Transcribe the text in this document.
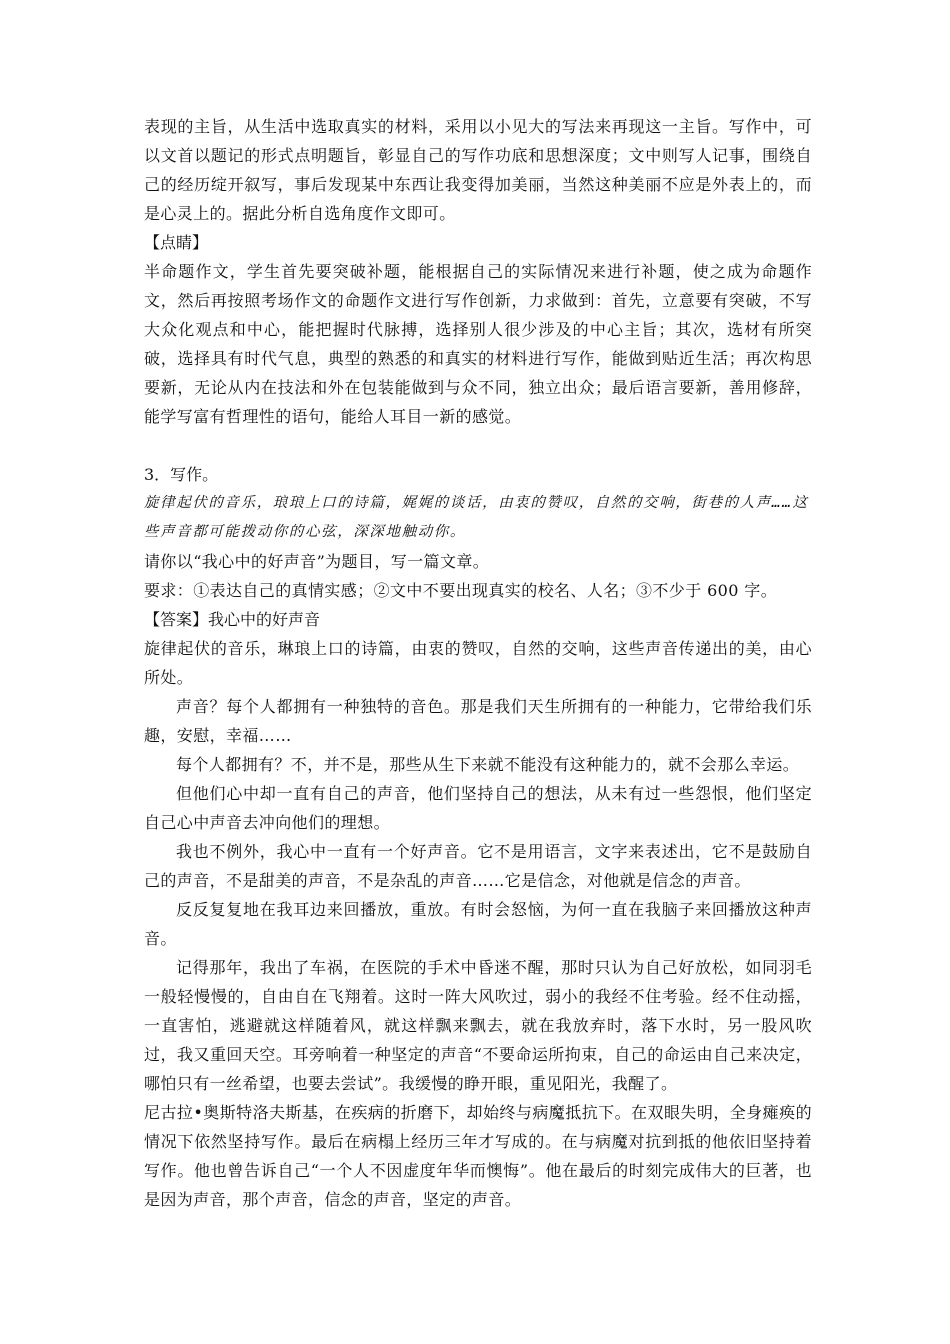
表现的主旨，从生活中选取真实的材料，采用以小见大的写法来再现这一主旨。写作中，可以文首以题记的形式点明题旨，彰显自己的写作功底和思想深度；文中则写人记事，围绕自己的经历绽开叙写，事后发现某中东西让我变得加美丽，当然这种美丽不应是外表上的，而是心灵上的。据此分析自选角度作文即可。

【点睛】

半命题作文，学生首先要突破补题，能根据自己的实际情况来进行补题，使之成为命题作文，然后再按照考场作文的命题作文进行写作创新，力求做到：首先，立意要有突破，不写大众化观点和中心，能把握时代脉搏，选择别人很少涉及的中心主旨；其次，选材有所突破，选择具有时代气息，典型的熟悉的和真实的材料进行写作，能做到贴近生活；再次构思要新，无论从内在技法和外在包装能做到与众不同，独立出众；最后语言要新，善用修辞，能学写富有哲理性的语句，能给人耳目一新的感觉。

3．写作。

旋律起伏的音乐，琅琅上口的诗篇，娓娓的谈话，由衷的赞叹，自然的交响，街巷的人声……这些声音都可能拨动你的心弦，深深地触动你。

请你以“我心中的好声音”为题目，写一篇文章。

要求：①表达自己的真情实感；②文中不要出现真实的校名、人名；③不少于 600 字。

【答案】我心中的好声音

旋律起伏的音乐，琳琅上口的诗篇，由衷的赞叹，自然的交响，这些声音传递出的美，由心所处。

声音？每个人都拥有一种独特的音色。那是我们天生所拥有的一种能力，它带给我们乐趣，安慰，幸福……

每个人都拥有？不，并不是，那些从生下来就不能没有这种能力的，就不会那么幸运。

但他们心中却一直有自己的声音，他们坚持自己的想法，从未有过一些怨恨，他们坚定自己心中声音去冲向他们的理想。

我也不例外，我心中一直有一个好声音。它不是用语言，文字来表述出，它不是鼓励自己的声音，不是甜美的声音，不是杂乱的声音……它是信念，对他就是信念的声音。

反反复复地在我耳边来回播放，重放。有时会怒恼，为何一直在我脑子来回播放这种声音。

记得那年，我出了车祸，在医院的手术中昏迷不醒，那时只认为自己好放松，如同羽毛一般轻慢慢的，自由自在飞翔着。这时一阵大风吹过，弱小的我经不住考验。经不住动摇，一直害怕，逃避就这样随着风，就这样飘来飘去，就在我放弃时，落下水时，另一股风吹过，我又重回天空。耳旁响着一种坚定的声音“不要命运所拘束，自己的命运由自己来决定，哪怕只有一丝希望，也要去尝试”。我缓慢的睁开眼，重见阳光，我醒了。

尼古拉•奥斯特洛夫斯基，在疾病的折磨下，却始终与病魔抵抗下。在双眼失明，全身瘫痪的情况下依然坚持写作。最后在病榻上经历三年才写成的。在与病魔对抗到抵的他依旧坚持着写作。他也曾告诉自己“一个人不因虚度年华而懊悔”。他在最后的时刻完成伟大的巨著，也是因为声音，那个声音，信念的声音，坚定的声音。
